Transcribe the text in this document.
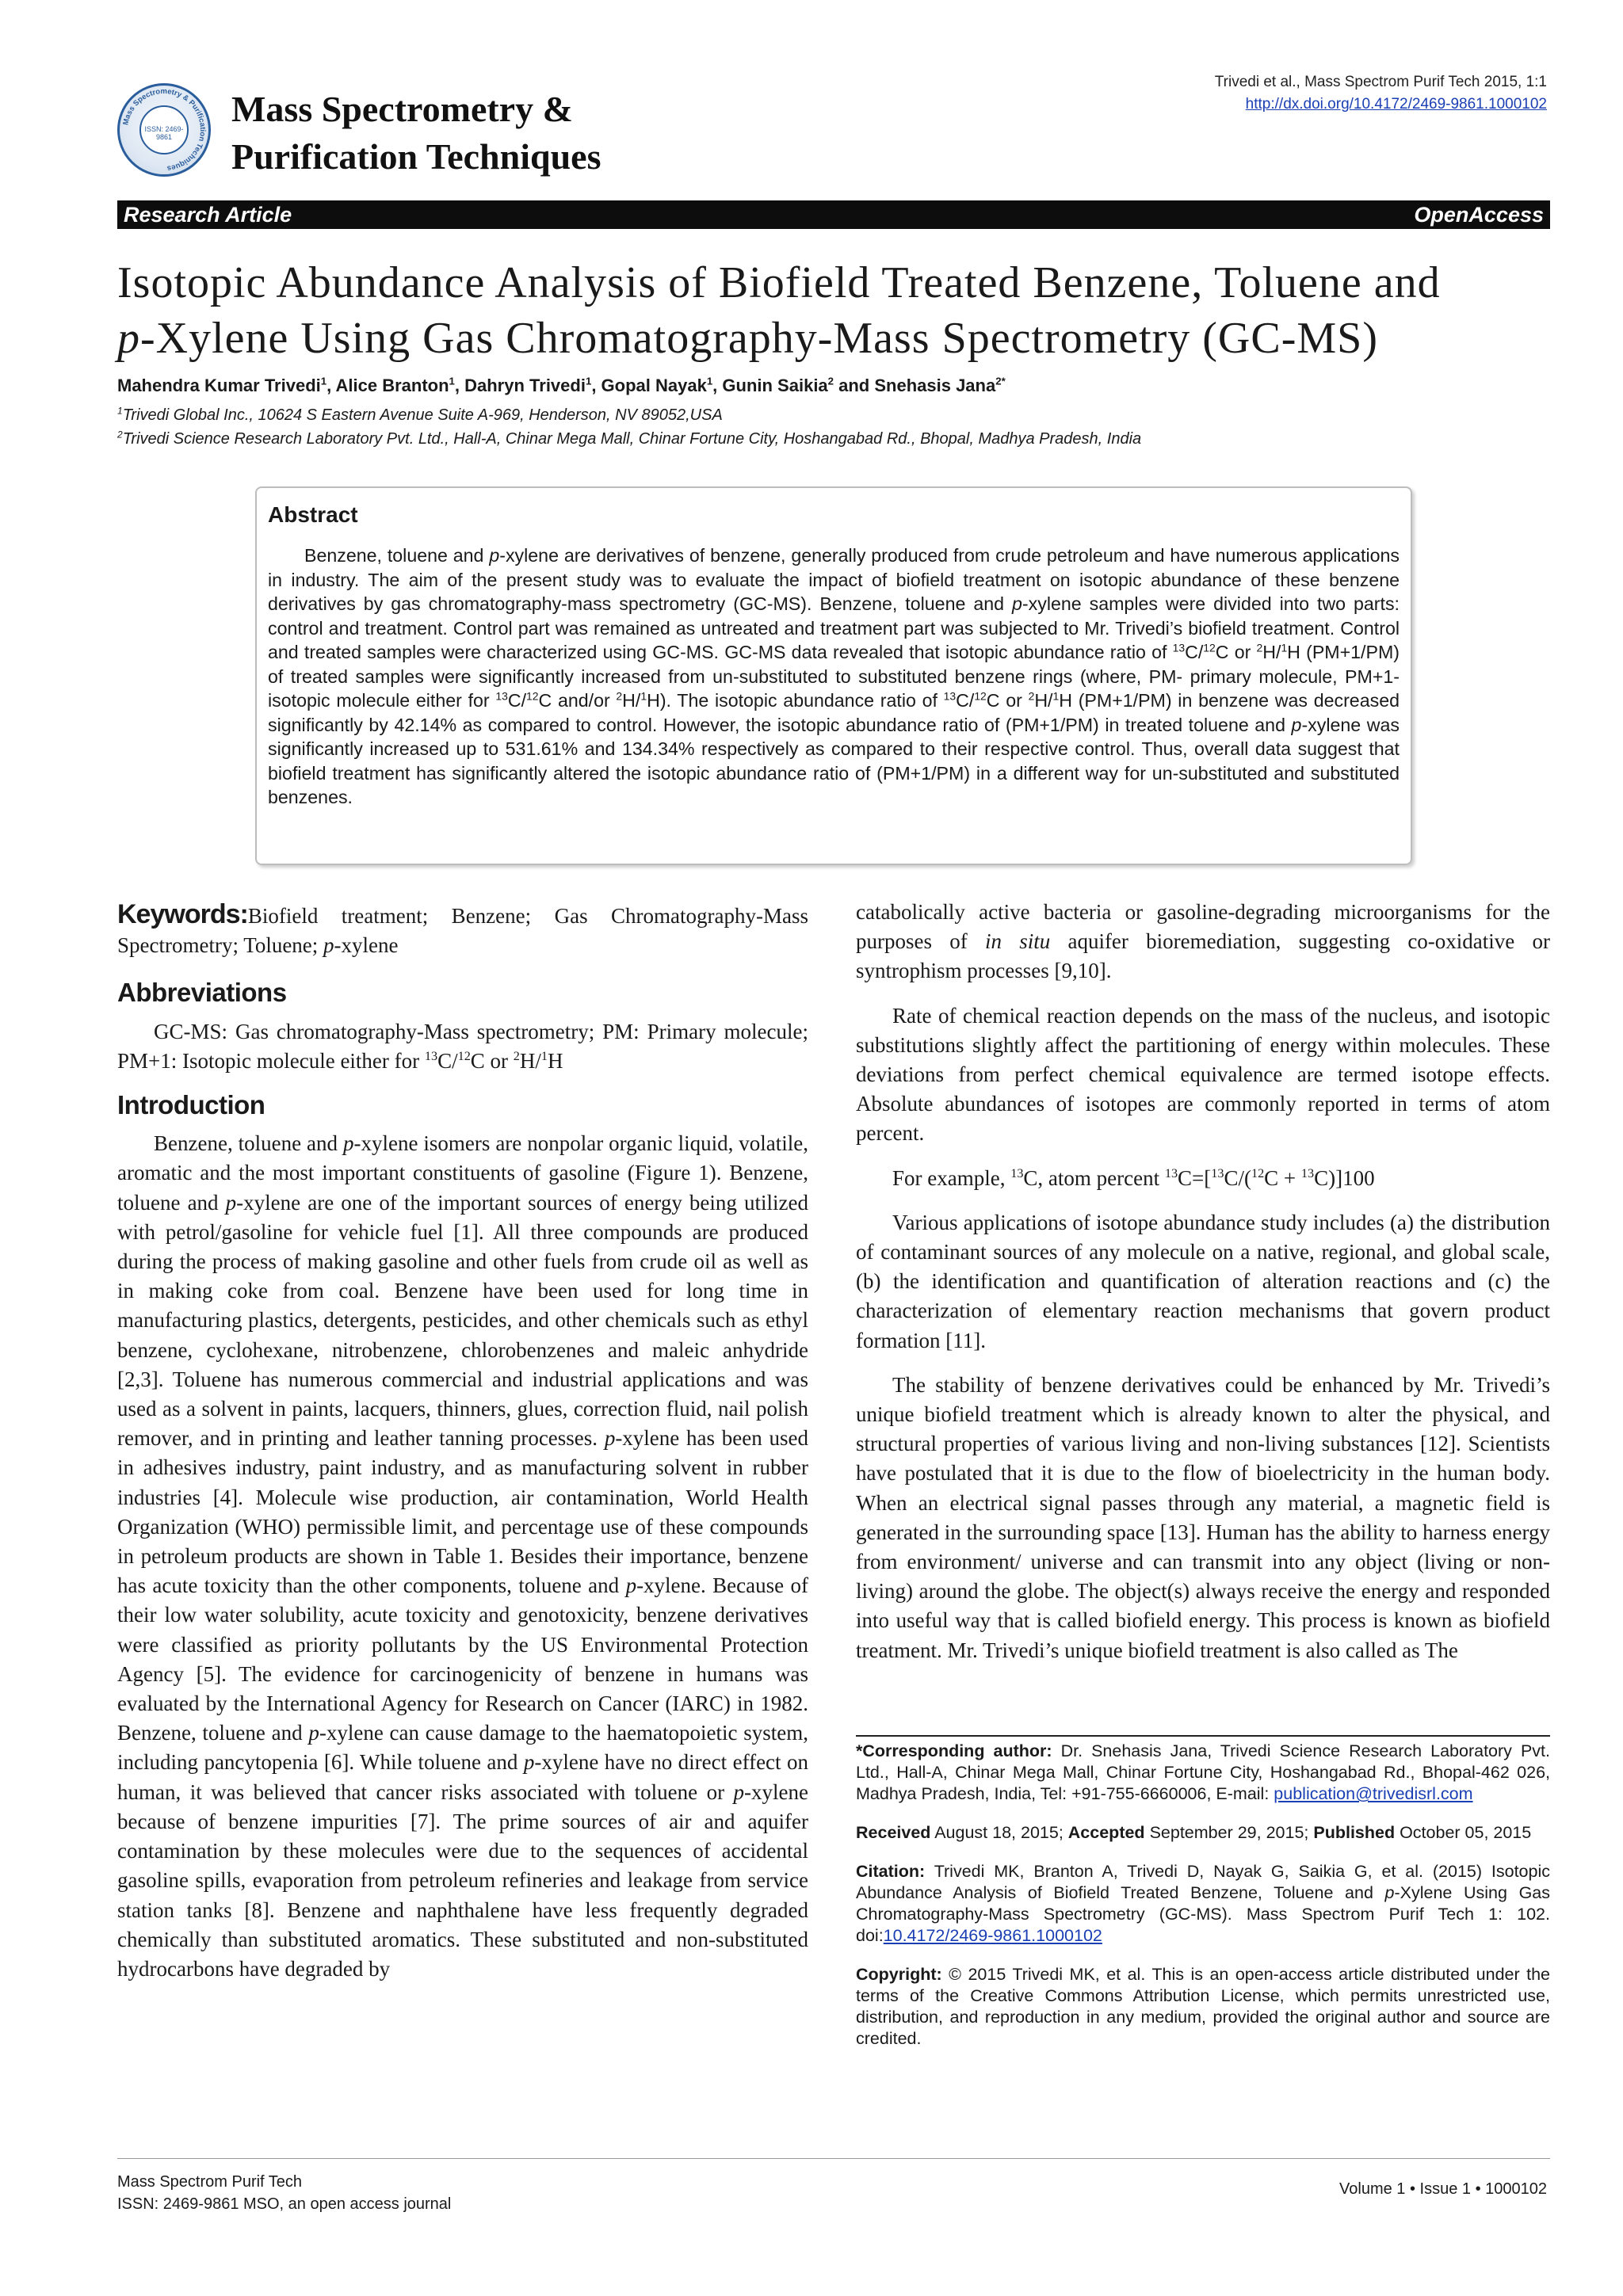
Mass Spectrometry & Purification Techniques
ISSN: 2469-9861
Mass Spectrometry &
Purification Techniques
Trivedi et al., Mass Spectrom Purif Tech 2015, 1:1
http://dx.doi.org/10.4172/2469-9861.1000102
Research Article	OpenAccess
Isotopic Abundance Analysis of Biofield Treated Benzene, Toluene and
p-Xylene Using Gas Chromatography-Mass Spectrometry (GC-MS)
Mahendra Kumar Trivedi$^1$, Alice Branton$^1$, Dahryn Trivedi$^1$, Gopal Nayak$^1$, Gunin Saikia$^2$ and Snehasis Jana$^{2*}$
$^1$Trivedi Global Inc., 10624 S Eastern Avenue Suite A-969, Henderson, NV 89052,USA
$^2$Trivedi Science Research Laboratory Pvt. Ltd., Hall-A, Chinar Mega Mall, Chinar Fortune City, Hoshangabad Rd., Bhopal, Madhya Pradesh, India
Abstract
Benzene, toluene and p-xylene are derivatives of benzene, generally produced from crude petroleum and have numerous applications in industry. The aim of the present study was to evaluate the impact of biofield treatment on isotopic abundance of these benzene derivatives by gas chromatography-mass spectrometry (GC-MS). Benzene, toluene and p-xylene samples were divided into two parts: control and treatment. Control part was remained as untreated and treatment part was subjected to Mr. Trivedi’s biofield treatment. Control and treated samples were characterized using GC-MS. GC-MS data revealed that isotopic abundance ratio of $^{13}$C/$^{12}$C or $^2$H/$^1$H (PM+1/PM) of treated samples were significantly increased from un-substituted to substituted benzene rings (where, PM- primary molecule, PM+1- isotopic molecule either for $^{13}$C/$^{12}$C and/or $^2$H/$^1$H). The isotopic abundance ratio of $^{13}$C/$^{12}$C or $^2$H/$^1$H (PM+1/PM) in benzene was decreased significantly by 42.14% as compared to control. However, the isotopic abundance ratio of (PM+1/PM) in treated toluene and p-xylene was significantly increased up to 531.61% and 134.34% respectively as compared to their respective control. Thus, overall data suggest that biofield treatment has significantly altered the isotopic abundance ratio of (PM+1/PM) in a different way for un-substituted and substituted benzenes.
Keywords:Biofield treatment; Benzene; Gas Chromatography-Mass Spectrometry; Toluene; p-xylene
Abbreviations

GC-MS: Gas chromatography-Mass spectrometry; PM: Primary molecule; PM+1: Isotopic molecule either for $^{13}$C/$^{12}$C or $^2$H/$^1$H

Introduction

Benzene, toluene and p-xylene isomers are nonpolar organic liquid, volatile, aromatic and the most important constituents of gasoline (Figure 1). Benzene, toluene and p-xylene are one of the important sources of energy being utilized with petrol/gasoline for vehicle fuel [1]. All three compounds are produced during the process of making gasoline and other fuels from crude oil as well as in making coke from coal. Benzene have been used for long time in manufacturing plastics, detergents, pesticides, and other chemicals such as ethyl benzene, cyclohexane, nitrobenzene, chlorobenzenes and maleic anhydride [2,3]. Toluene has numerous commercial and industrial applications and was used as a solvent in paints, lacquers, thinners, glues, correction fluid, nail polish remover, and in printing and leather tanning processes. p-xylene has been used in adhesives industry, paint industry, and as manufacturing solvent in rubber industries [4]. Molecule wise production, air contamination, World Health Organization (WHO) permissible limit, and percentage use of these compounds in petroleum products are shown in Table 1. Besides their importance, benzene has acute toxicity than the other components, toluene and p-xylene. Because of their low water solubility, acute toxicity and genotoxicity, benzene derivatives were classified as priority pollutants by the US Environmental Protection Agency [5]. The evidence for carcinogenicity of benzene in humans was evaluated by the International Agency for Research on Cancer (IARC) in 1982. Benzene, toluene and p-xylene can cause damage to the haematopoietic system, including pancytopenia [6]. While toluene and p-xylene have no direct effect on human, it was believed that cancer risks associated with toluene or p-xylene because of benzene impurities [7]. The prime sources of air and aquifer contamination by these molecules were due to the sequences of accidental gasoline spills, evaporation from petroleum refineries and leakage from service station tanks [8]. Benzene and naphthalene have less frequently degraded chemically than substituted aromatics. These substituted and non-substituted hydrocarbons have degraded by

catabolically active bacteria or gasoline-degrading microorganisms for the purposes of in situ aquifer bioremediation, suggesting co-oxidative or syntrophism processes [9,10].

Rate of chemical reaction depends on the mass of the nucleus, and isotopic substitutions slightly affect the partitioning of energy within molecules. These deviations from perfect chemical equivalence are termed isotope effects. Absolute abundances of isotopes are commonly reported in terms of atom percent.

For example, $^{13}$C, atom percent $^{13}$C=[$^{13}$C/($^{12}$C + $^{13}$C)]100

Various applications of isotope abundance study includes (a) the distribution of contaminant sources of any molecule on a native, regional, and global scale, (b) the identification and quantification of alteration reactions and (c) the characterization of elementary reaction mechanisms that govern product formation [11].

The stability of benzene derivatives could be enhanced by Mr. Trivedi’s unique biofield treatment which is already known to alter the physical, and structural properties of various living and non-living substances [12]. Scientists have postulated that it is due to the flow of bioelectricity in the human body. When an electrical signal passes through any material, a magnetic field is generated in the surrounding space [13]. Human has the ability to harness energy from environment/ universe and can transmit into any object (living or non-living) around the globe. The object(s) always receive the energy and responded into useful way that is called biofield energy. This process is known as biofield treatment. Mr. Trivedi’s unique biofield treatment is also called as The

*Corresponding author: Dr. Snehasis Jana, Trivedi Science Research Laboratory Pvt. Ltd., Hall-A, Chinar Mega Mall, Chinar Fortune City, Hoshangabad Rd., Bhopal-462 026, Madhya Pradesh, India, Tel: +91-755-6660006, E-mail: publication@trivedisrl.com

Received August 18, 2015; Accepted September 29, 2015; Published October 05, 2015

Citation: Trivedi MK, Branton A, Trivedi D, Nayak G, Saikia G, et al. (2015) Isotopic Abundance Analysis of Biofield Treated Benzene, Toluene and p-Xylene Using Gas Chromatography-Mass Spectrometry (GC-MS). Mass Spectrom Purif Tech 1: 102. doi:10.4172/2469-9861.1000102

Copyright: © 2015 Trivedi MK, et al. This is an open-access article distributed under the terms of the Creative Commons Attribution License, which permits unrestricted use, distribution, and reproduction in any medium, provided the original author and source are credited.

Mass Spectrom Purif Tech
ISSN: 2469-9861 MSO, an open access journal
Volume 1 • Issue 1 • 1000102
